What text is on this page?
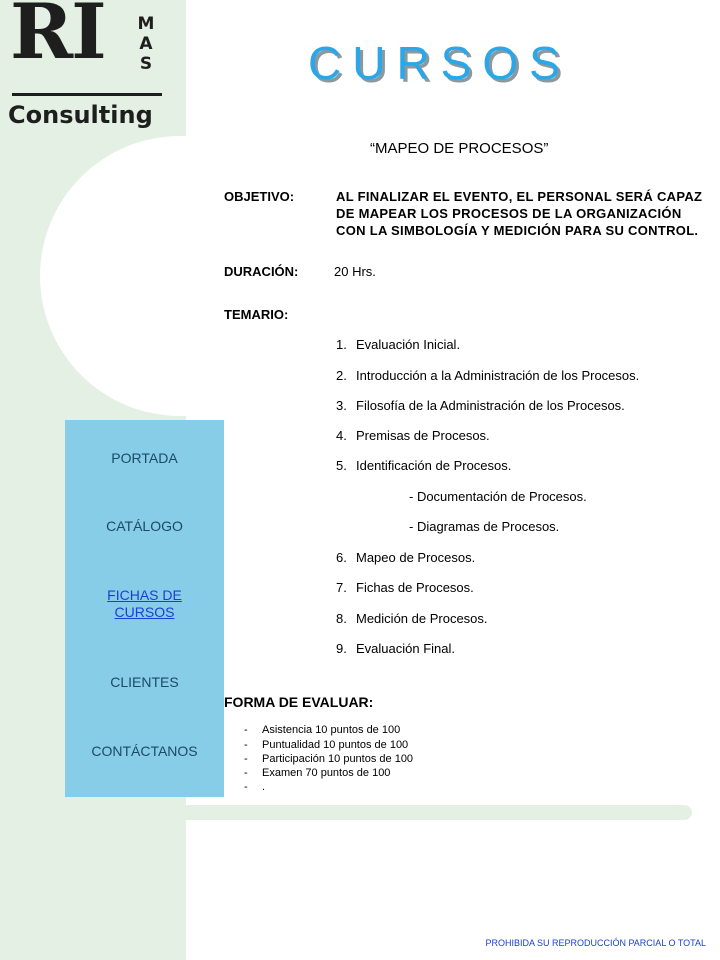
RI M
A
S
Consulting
CURSOS
PORTADA
CATÁLOGO
FICHAS DE CURSOS
CLIENTES
CONTÁCTANOS
“MAPEO DE PROCESOS”
OBJETIVO:	AL FINALIZAR EL EVENTO, EL PERSONAL SERÁ CAPAZ DE MAPEAR LOS PROCESOS DE LA ORGANIZACIÓN CON LA SIMBOLOGÍA Y MEDICIÓN PARA SU CONTROL.
DURACIÓN:	20 Hrs.
TEMARIO:
1. Evaluación Inicial.
2. Introducción a la Administración de los Procesos.
3. Filosofía de la Administración de los Procesos.
4. Premisas de Procesos.
5. Identificación de Procesos.
- Documentación de Procesos.
- Diagramas de Procesos.
6. Mapeo de Procesos.
7. Fichas de Procesos.
8. Medición de Procesos.
9. Evaluación Final.
FORMA DE EVALUAR:
- Asistencia 10 puntos de 100
- Puntualidad 10 puntos de 100
- Participación 10 puntos de 100
- Examen 70 puntos de 100
- .
PROHIBIDA SU REPRODUCCIÓN PARCIAL O TOTAL
